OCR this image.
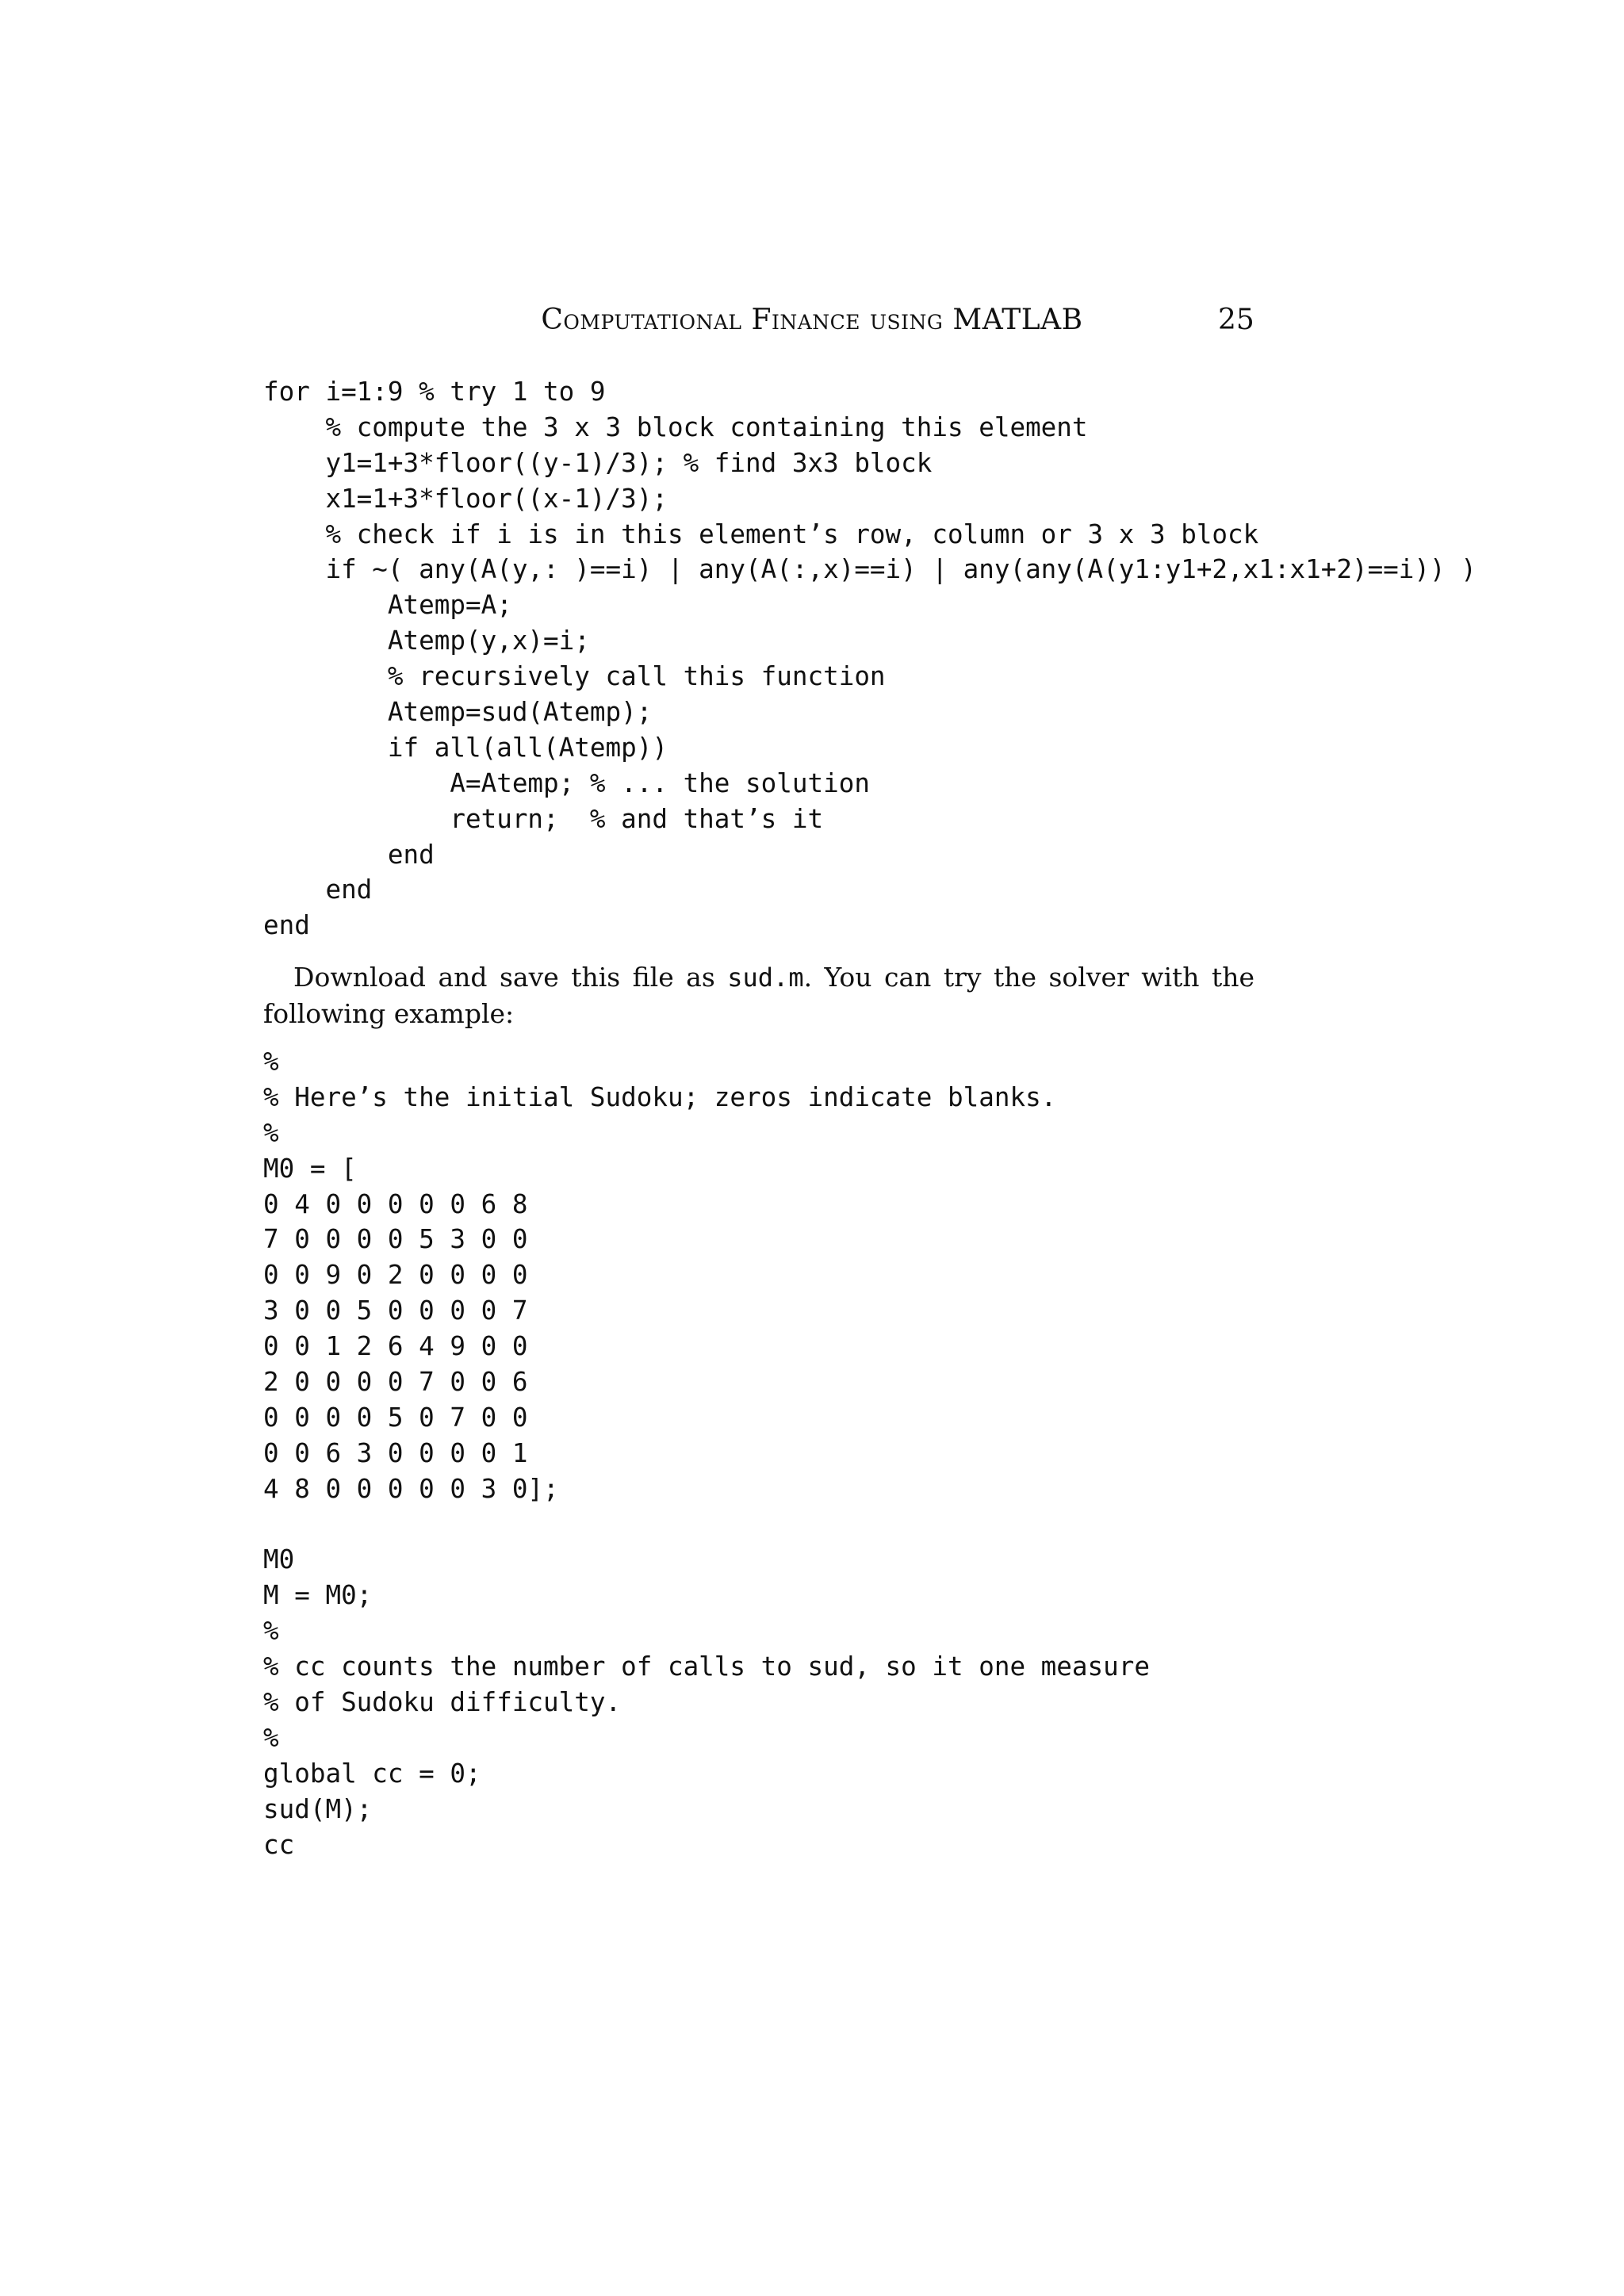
Computational Finance using MATLAB	25
for i=1:9 % try 1 to 9
% compute the 3 x 3 block containing this element
y1=1+3*floor((y-1)/3); % find 3x3 block
x1=1+3*floor((x-1)/3);
% check if i is in this element’s row, column or 3 x 3 block
if ~( any(A(y,: )==i) | any(A(:,x)==i) | any(any(A(y1:y1+2,x1:x1+2)==i)) )
Atemp=A;
Atemp(y,x)=i;
% recursively call this function
Atemp=sud(Atemp);
if all(all(Atemp))
A=Atemp; % ... the solution
return;  % and that’s it
end
end
end

Download and save this file as sud.m. You can try the solver with the following example:

%
% Here’s the initial Sudoku; zeros indicate blanks.
%
M0 = [
0 4 0 0 0 0 0 6 8
7 0 0 0 0 5 3 0 0
0 0 9 0 2 0 0 0 0
3 0 0 5 0 0 0 0 7
0 0 1 2 6 4 9 0 0
2 0 0 0 0 7 0 0 6
0 0 0 0 5 0 7 0 0
0 0 6 3 0 0 0 0 1
4 8 0 0 0 0 0 3 0];
M0
M = M0;
%
% cc counts the number of calls to sud, so it one measure
% of Sudoku difficulty.
%
global cc = 0;
sud(M);
cc
